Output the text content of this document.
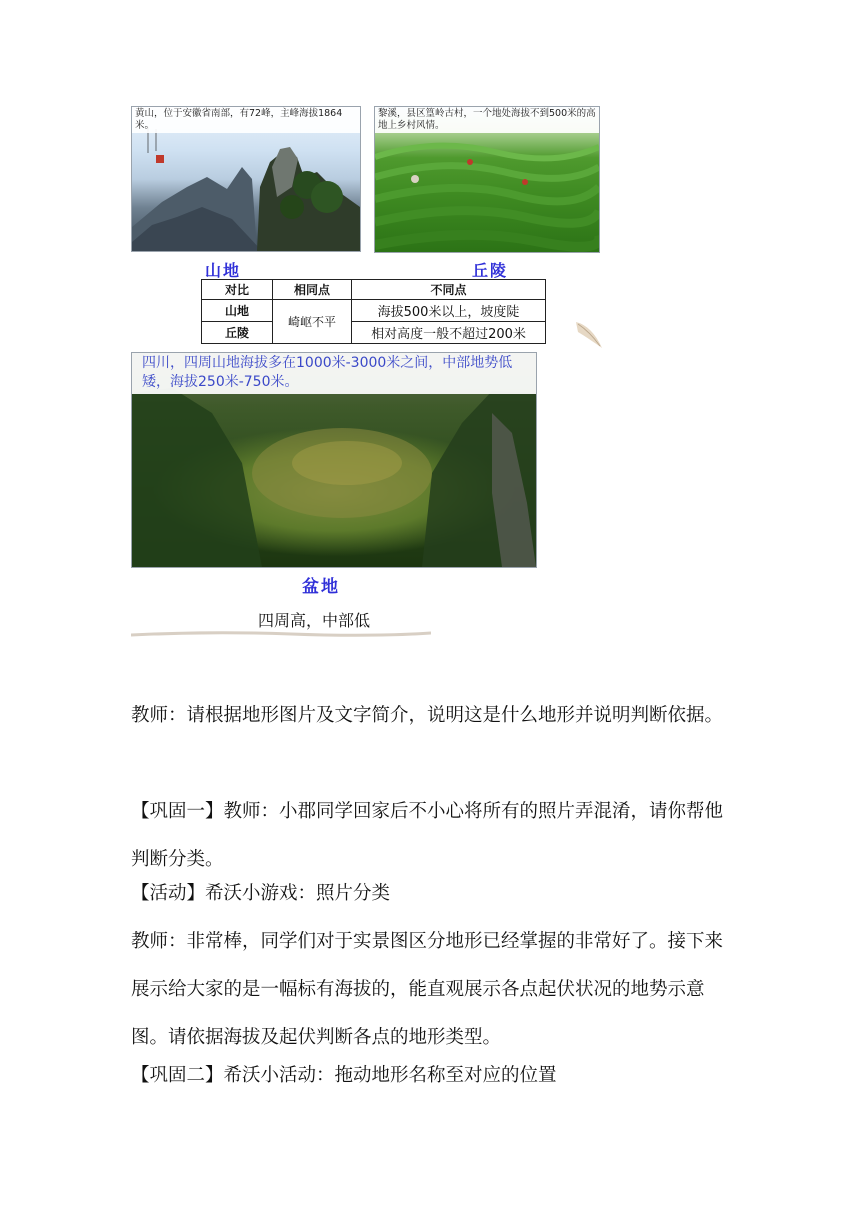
黄山，位于安徽省南部，有72峰，主峰海拔1864米。
黎溪，县区篁岭古村，一个地处海拔不到500米的高地上乡村风情。
山地	丘陵
对比	相同点	不同点
山地	崎岖不平	海拔500米以上，坡度陡
丘陵		相对高度一般不超过200米
四川，四周山地海拔多在1000米-3000米之间，中部地势低矮，海拔250米-750米。
盆地
四周高，中部低
教师：请根据地形图片及文字简介，说明这是什么地形并说明判断依据。
【巩固一】教师：小郡同学回家后不小心将所有的照片弄混淆，请你帮他判断分类。
【活动】希沃小游戏：照片分类
教师：非常棒，同学们对于实景图区分地形已经掌握的非常好了。接下来展示给大家的是一幅标有海拔的，能直观展示各点起伏状况的地势示意图。请依据海拔及起伏判断各点的地形类型。
【巩固二】希沃小活动：拖动地形名称至对应的位置
